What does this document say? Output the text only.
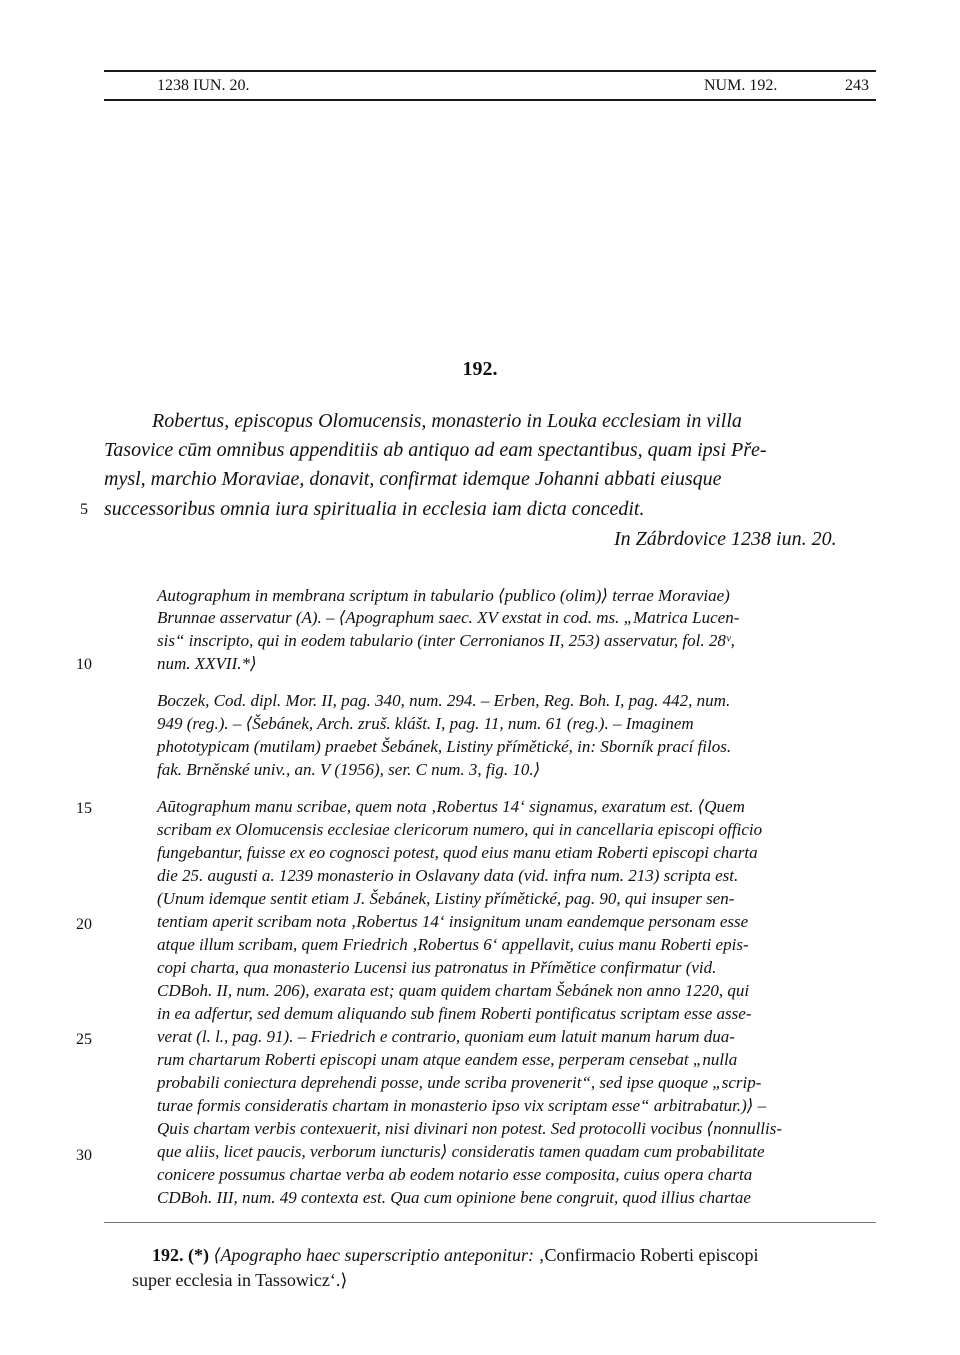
1238 IUN. 20.	NUM. 192.	243
192.
Robertus, episcopus Olomucensis, monasterio in Louka ecclesiam in villa
Tasovice cūm omnibus appenditiis ab antiquo ad eam spectantibus, quam ipsi Pře-
mysl, marchio Moraviae, donavit, confirmat idemque Johanni abbati eiusque
successoribus omnia iura spiritualia in ecclesia iam dicta concedit.
In Zábrdovice 1238 iun. 20.
Autographum in membrana scriptum in tabulario ⟨publico (olim)⟩ terrae Moraviae)
Brunnae asservatur (A). – ⟨Apographum saec. XV exstat in cod. ms. „Matrica Lucen-
sis“ inscripto, qui in eodem tabulario (inter Cerronianos II, 253) asservatur, fol. 28ᵛ,
num. XXVII.*⟩
Boczek, Cod. dipl. Mor. II, pag. 340, num. 294. – Erben, Reg. Boh. I, pag. 442, num.
949 (reg.). – ⟨Šebánek, Arch. zruš. klášt. I, pag. 11, num. 61 (reg.). – Imaginem
phototypicam (mutilam) praebet Šebánek, Listiny přímětické, in: Sborník prací filos.
fak. Brněnské univ., an. V (1956), ser. C num. 3, fig. 10.⟩
Aūtographum manu scribae, quem nota ‚Robertus 14‘ signamus, exaratum est. ⟨Quem
scribam ex Olomucensis ecclesiae clericorum numero, qui in cancellaria episcopi officio
fungebantur, fuisse ex eo cognosci potest, quod eius manu etiam Roberti episcopi charta
die 25. augusti a. 1239 monasterio in Oslavany data (vid. infra num. 213) scripta est.
(Unum idemque sentit etiam J. Šebánek, Listiny přímětické, pag. 90, qui insuper sen-
tentiam aperit scribam nota ‚Robertus 14‘ insignitum unam eandemque personam esse
atque illum scribam, quem Friedrich ‚Robertus 6‘ appellavit, cuius manu Roberti epis-
copi charta, qua monasterio Lucensi ius patronatus in Přímětice confirmatur (vid.
CDBoh. II, num. 206), exarata est; quam quidem chartam Šebánek non anno 1220, qui
in ea adfertur, sed demum aliquando sub finem Roberti pontificatus scriptam esse asse-
verat (l. l., pag. 91). – Friedrich e contrario, quoniam eum latuit manum harum dua-
rum chartarum Roberti episcopi unam atque eandem esse, perperam censebat „nulla
probabili coniectura deprehendi posse, unde scriba provenerit“, sed ipse quoque „scrip-
turae formis consideratis chartam in monasterio ipso vix scriptam esse“ arbitrabatur.)⟩ –
Quis chartam verbis contexuerit, nisi divinari non potest. Sed protocolli vocibus ⟨nonnullis-
que aliis, licet paucis, verborum iuncturis⟩ consideratis tamen quadam cum probabilitate
conicere possumus chartae verba ab eodem notario esse composita, cuius opera charta
CDBoh. III, num. 49 contexta est. Qua cum opinione bene congruit, quod illius chartae
5
10
15
20
25
30
192. (*) ⟨Apographo haec superscriptio anteponitur: ‚Confirmacio Roberti episcopi
super ecclesia in Tassowicz‘.⟩
